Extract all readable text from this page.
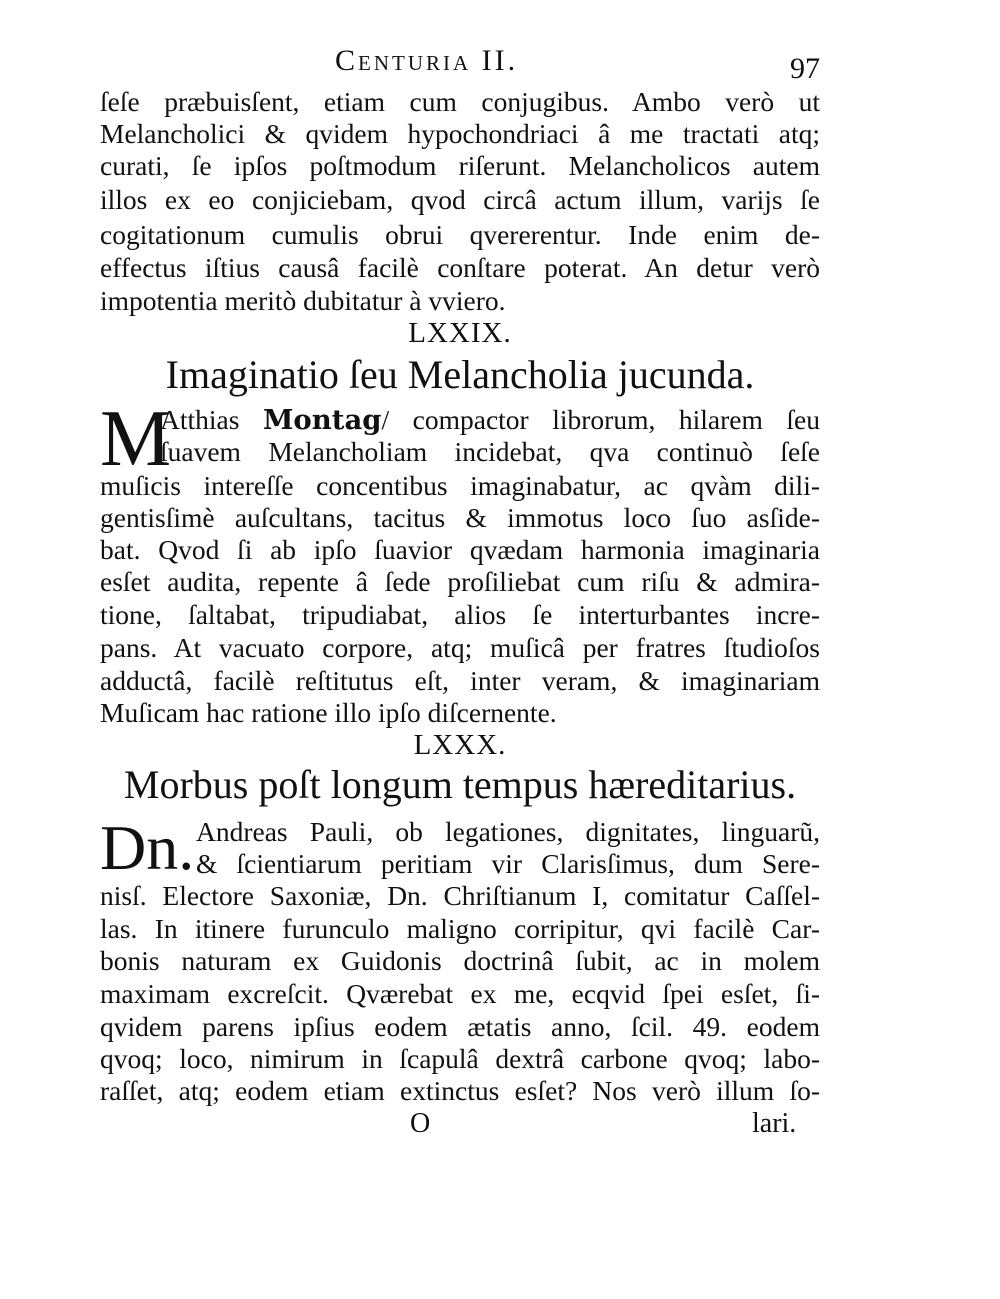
Centuria II.	97
ſeſe præbuisſent, etiam cum conjugibus. Ambo verò ut
Melancholici & qvidem hypochondriaci â me tractati atq;
curati, ſe ipſos poſtmodum riſerunt. Melancholicos autem
illos ex eo conjiciebam, qvod circâ actum illum, varijs ſe
cogitationum cumulis obrui qvererentur. Inde enim de-
effectus iſtius causâ facilè conſtare poterat. An detur verò
impotentia meritò dubitatur à vviero.
LXXIX.
Imaginatio ſeu Melancholia jucunda.
M
Atthias Montag/ compactor librorum, hilarem ſeu
ſuavem Melancholiam incidebat, qva continuò ſeſe
muſicis intereſſe concentibus imaginabatur, ac qvàm dili-
gentisſimè auſcultans, tacitus & immotus loco ſuo asſide-
bat. Qvod ſi ab ipſo ſuavior qvædam harmonia imaginaria
esſet audita, repente â ſede proſiliebat cum riſu & admira-
tione, ſaltabat, tripudiabat, alios ſe interturbantes incre-
pans. At vacuato corpore, atq; muſicâ per fratres ſtudioſos
adductâ, facilè reſtitutus eſt, inter veram, & imaginariam
Muſicam hac ratione illo ipſo diſcernente.
LXXX.
Morbus poſt longum tempus hæreditarius.
Dn. Andreas Pauli, ob legationes, dignitates, linguarũ,
& ſcientiarum peritiam vir Clarisſimus, dum Sere-
nisſ. Electore Saxoniæ, Dn. Chriſtianum I, comitatur Caſſel-
las. In itinere furunculo maligno corripitur, qvi facilè Car-
bonis naturam ex Guidonis doctrinâ ſubit, ac in molem
maximam excreſcit. Qværebat ex me, ecqvid ſpei esſet, ſi-
qvidem parens ipſius eodem ætatis anno, ſcil. 49. eodem
qvoq; loco, nimirum in ſcapulâ dextrâ carbone qvoq; labo-
raſſet, atq; eodem etiam extinctus esſet? Nos verò illum ſo-
O	lari.
